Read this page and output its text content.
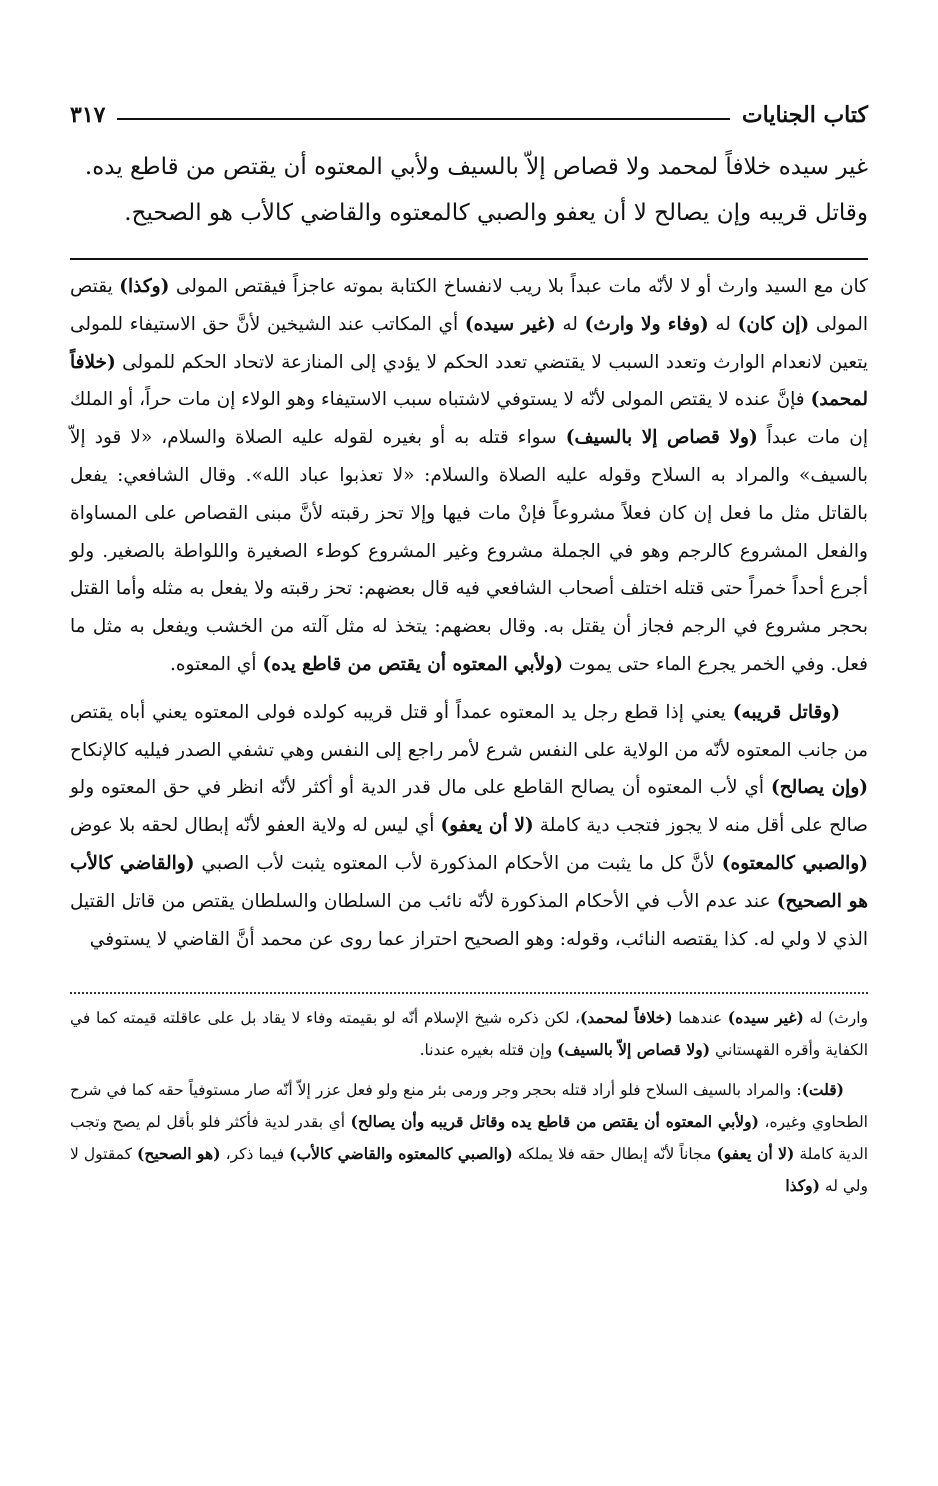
كتاب الجنايات
٣١٧

غير سيده خلافاً لمحمد ولا قصاص إلاّ بالسيف ولأبي المعتوه أن يقتص من قاطع يده.

وقاتل قريبه وإن يصالح لا أن يعفو والصبي كالمعتوه والقاضي كالأب هو الصحيح.

كان مع السيد وارث أو لا لأنّه مات عبداً بلا ريب لانفساخ الكتابة بموته عاجزاً فيقتص المولى (وكذا) يقتص المولى (إن كان) له (وفاء ولا وارث) له (غير سيده) أي المكاتب عند الشيخين لأنَّ حق الاستيفاء للمولى يتعين لانعدام الوارث وتعدد السبب لا يقتضي تعدد الحكم لا يؤدي إلى المنازعة لاتحاد الحكم للمولى (خلافاً لمحمد) فإنَّ عنده لا يقتص المولى لأنّه لا يستوفي لاشتباه سبب الاستيفاء وهو الولاء إن مات حراً، أو الملك إن مات عبداً (ولا قصاص إلا بالسيف) سواء قتله به أو بغيره لقوله عليه الصلاة والسلام، «لا قود إلاّ بالسيف» والمراد به السلاح وقوله عليه الصلاة والسلام: «لا تعذبوا عباد الله». وقال الشافعي: يفعل بالقاتل مثل ما فعل إن كان فعلاً مشروعاً فإنْ مات فيها وإلا تحز رقبته لأنَّ مبنى القصاص على المساواة والفعل المشروع كالرجم وهو في الجملة مشروع وغير المشروع كوطء الصغيرة واللواطة بالصغير. ولو أجرع أحداً خمراً حتى قتله اختلف أصحاب الشافعي فيه قال بعضهم: تحز رقبته ولا يفعل به مثله وأما القتل بحجر مشروع في الرجم فجاز أن يقتل به. وقال بعضهم: يتخذ له مثل آلته من الخشب ويفعل به مثل ما فعل. وفي الخمر يجرع الماء حتى يموت (ولأبي المعتوه أن يقتص من قاطع يده) أي المعتوه.

(وقاتل قريبه) يعني إذا قطع رجل يد المعتوه عمداً أو قتل قريبه كولده فولى المعتوه يعني أباه يقتص من جانب المعتوه لأنّه من الولاية على النفس شرع لأمر راجع إلى النفس وهي تشفي الصدر فيليه كالإنكاح (وإن يصالح) أي لأب المعتوه أن يصالح القاطع على مال قدر الدية أو أكثر لأنّه انظر في حق المعتوه ولو صالح على أقل منه لا يجوز فتجب دية كاملة (لا أن يعفو) أي ليس له ولاية العفو لأنّه إبطال لحقه بلا عوض (والصبي كالمعتوه) لأنَّ كل ما يثبت من الأحكام المذكورة لأب المعتوه يثبت لأب الصبي (والقاضي كالأب هو الصحيح) عند عدم الأب في الأحكام المذكورة لأنّه نائب من السلطان والسلطان يقتص من قاتل القتيل الذي لا ولي له. كذا يقتصه النائب، وقوله: وهو الصحيح احتراز عما روى عن محمد أنَّ القاضي لا يستوفي

وارث) له (غير سيده) عندهما (خلافاً لمحمد)، لكن ذكره شيخ الإسلام أنّه لو بقيمته وفاء لا يقاد بل على عاقلته قيمته كما في الكفاية وأقره القهستاني (ولا قصاص إلاّ بالسيف) وإن قتله بغيره عندنا.

(قلت): والمراد بالسيف السلاح فلو أراد قتله بحجر وجر ورمى بئر منع ولو فعل عزر إلاّ أنّه صار مستوفياً حقه كما في شرح الطحاوي وغيره، (ولأبي المعتوه أن يقتص من قاطع يده وقاتل قريبه وأن يصالح) أي بقدر لدية فأكثر فلو بأقل لم يصح وتجب الدية كاملة (لا أن يعفو) مجاناً لأنّه إبطال حقه فلا يملكه (والصبي كالمعتوه والقاضي كالأب) فيما ذكر، (هو الصحيح) كمقتول لا ولي له (وكذا
